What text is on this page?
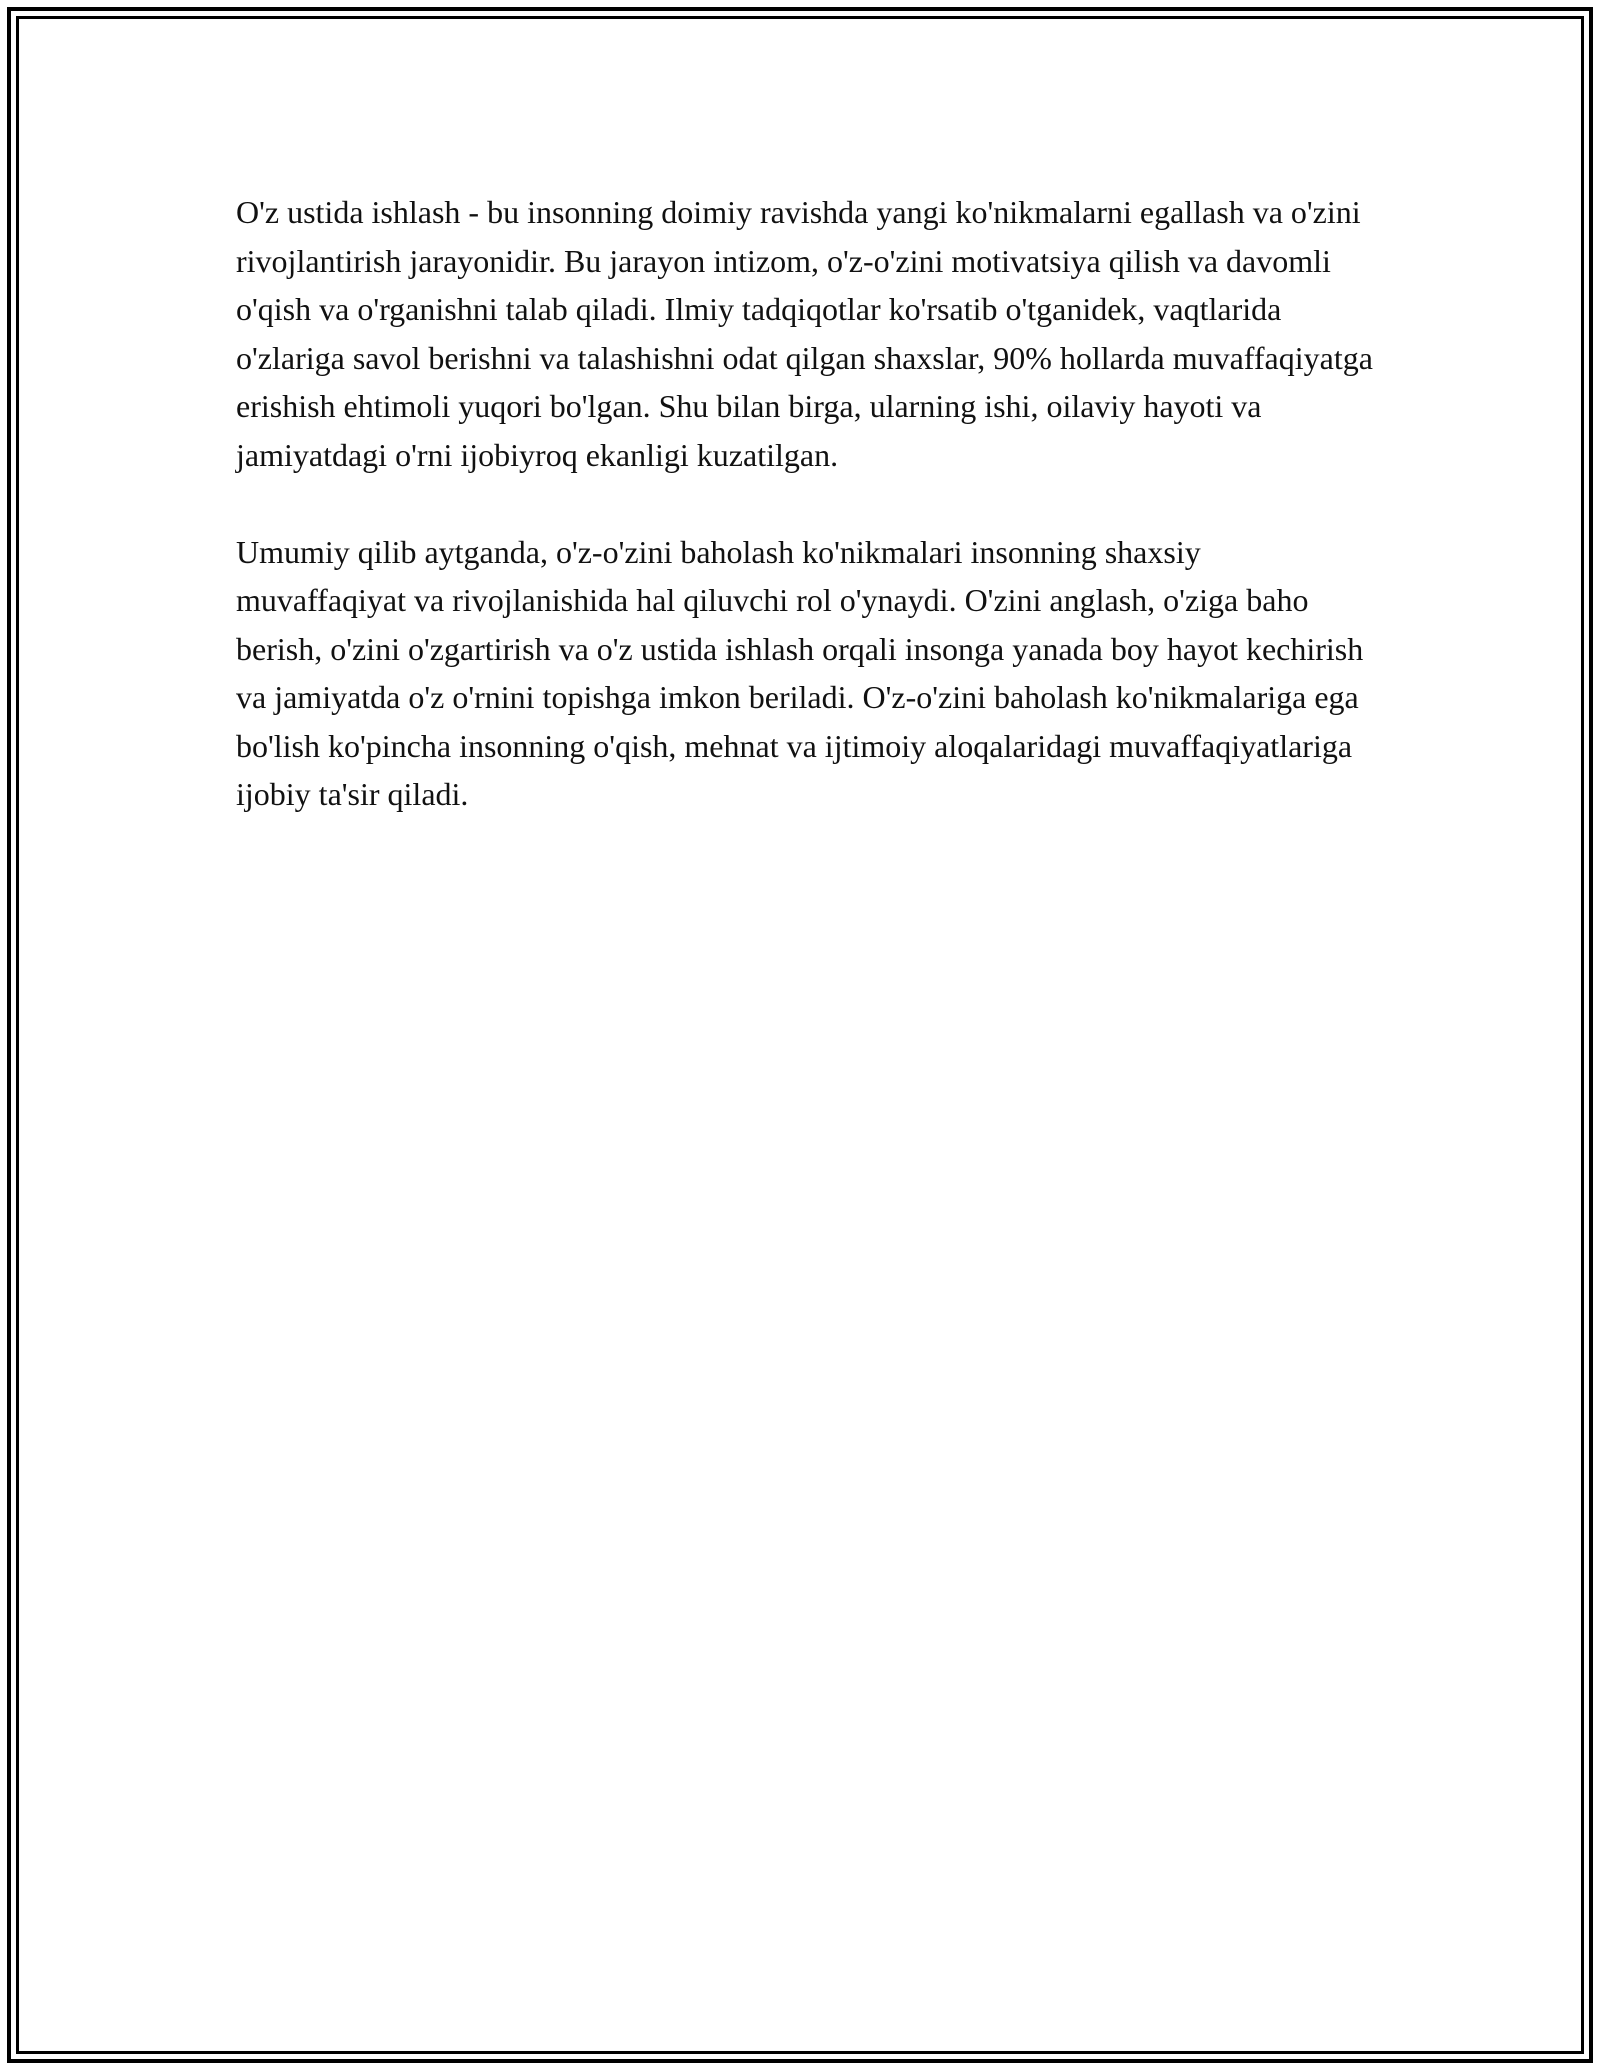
O'z ustida ishlash - bu insonning doimiy ravishda yangi ko'nikmalarni egallash va o'zini rivojlantirish jarayonidir. Bu jarayon intizom, o'z-o'zini motivatsiya qilish va davomli o'qish va o'rganishni talab qiladi. Ilmiy tadqiqotlar ko'rsatib o'tganidek, vaqtlarida o'zlariga savol berishni va talashishni odat qilgan shaxslar, 90% hollarda muvaffaqiyatga erishish ehtimoli yuqori bo'lgan. Shu bilan birga, ularning ishi, oilaviy hayoti va jamiyatdagi o'rni ijobiyroq ekanligi kuzatilgan.

Umumiy qilib aytganda, o'z-o'zini baholash ko'nikmalari insonning shaxsiy muvaffaqiyat va rivojlanishida hal qiluvchi rol o'ynaydi. O'zini anglash, o'ziga baho berish, o'zini o'zgartirish va o'z ustida ishlash orqali insonga yanada boy hayot kechirish va jamiyatda o'z o'rnini topishga imkon beriladi. O'z-o'zini baholash ko'nikmalariga ega bo'lish ko'pincha insonning o'qish, mehnat va ijtimoiy aloqalaridagi muvaffaqiyatlariga ijobiy ta'sir qiladi.
